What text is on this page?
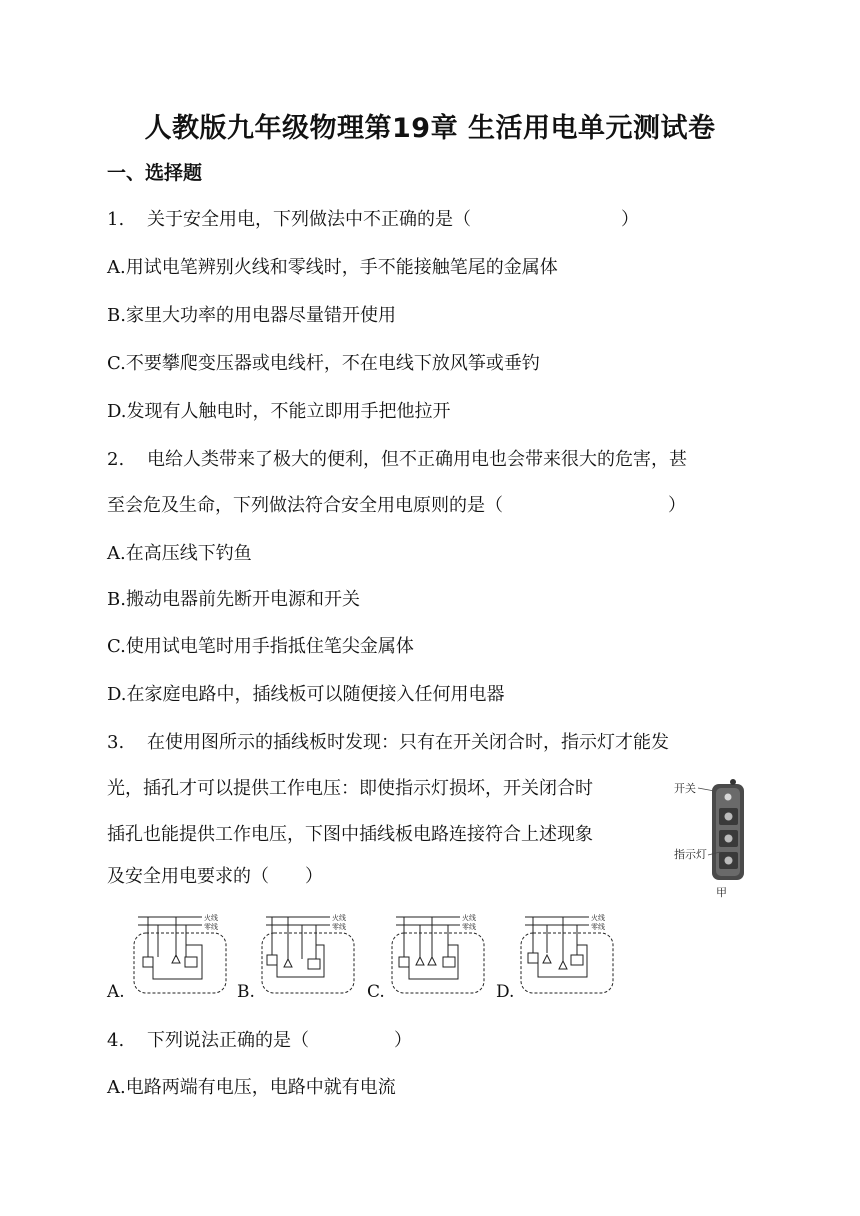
人教版九年级物理第19章 生活用电单元测试卷
一、选择题
1. 关于安全用电，下列做法中不正确的是（	）
A.用试电笔辨别火线和零线时，手不能接触笔尾的金属体
B.家里大功率的用电器尽量错开使用
C.不要攀爬变压器或电线杆，不在电线下放风筝或垂钓
D.发现有人触电时，不能立即用手把他拉开
2. 电给人类带来了极大的便利，但不正确用电也会带来很大的危害，甚
至会危及生命，下列做法符合安全用电原则的是（	）
A.在高压线下钓鱼
B.搬动电器前先断开电源和开关
C.使用试电笔时用手指抵住笔尖金属体
D.在家庭电路中，插线板可以随便接入任何用电器
3. 在使用图所示的插线板时发现：只有在开关闭合时，指示灯才能发
光，插孔才可以提供工作电压：即使指示灯损坏，开关闭合时
插孔也能提供工作电压，下图中插线板电路连接符合上述现象
及安全用电要求的（　　）
开关
指示灯
甲
A.	B.	C.	D.
火线
零线
火线
零线
火线
零线
火线
零线
4. 下列说法正确的是（	）
A.电路两端有电压，电路中就有电流
